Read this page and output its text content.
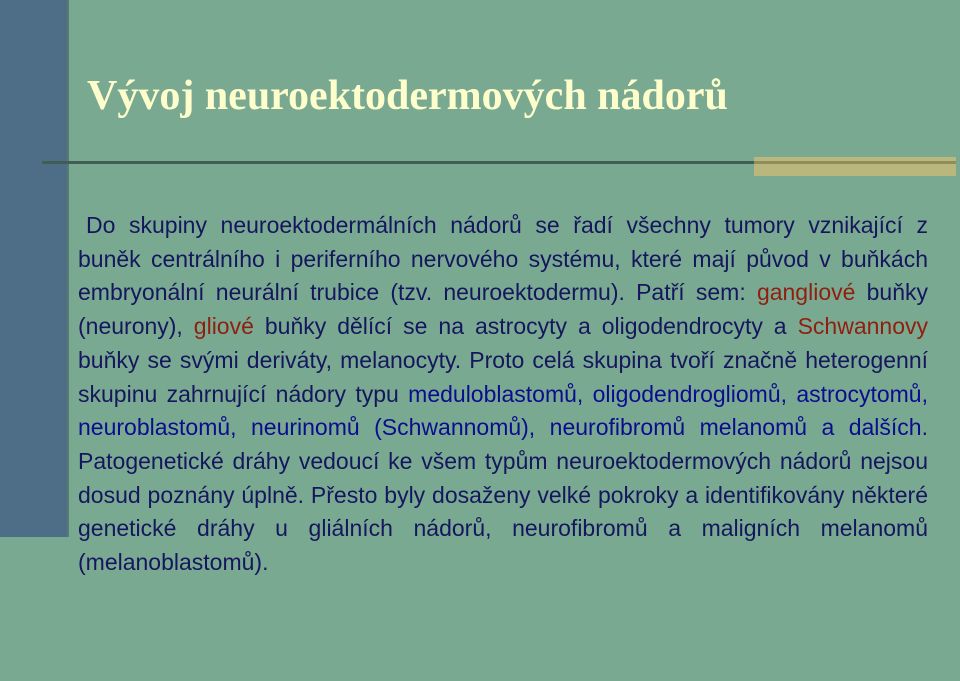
Vývoj neuroektodermových nádorů

Do skupiny neuroektodermálních nádorů se řadí všechny tumory vznikající z buněk centrálního i periferního nervového systému, které mají původ v buňkách embryonální neurální trubice (tzv. neuroektodermu). Patří sem: gangliové buňky (neurony), gliové buňky dělící se na astrocyty a oligodendrocyty a Schwannovy buňky se svými deriváty, melanocyty. Proto celá skupina tvoří značně heterogenní skupinu zahrnující nádory typu meduloblastomů, oligodendrogliomů, astrocytomů, neuroblastomů, neurinomů (Schwannomů), neurofibromů melanomů a dalších. Patogenetické dráhy vedoucí ke všem typům neuroektodermových nádorů nejsou dosud poznány úplně. Přesto byly dosaženy velké pokroky a identifikovány některé genetické dráhy u gliálních nádorů, neurofibromů a maligních melanomů (melanoblastomů).
